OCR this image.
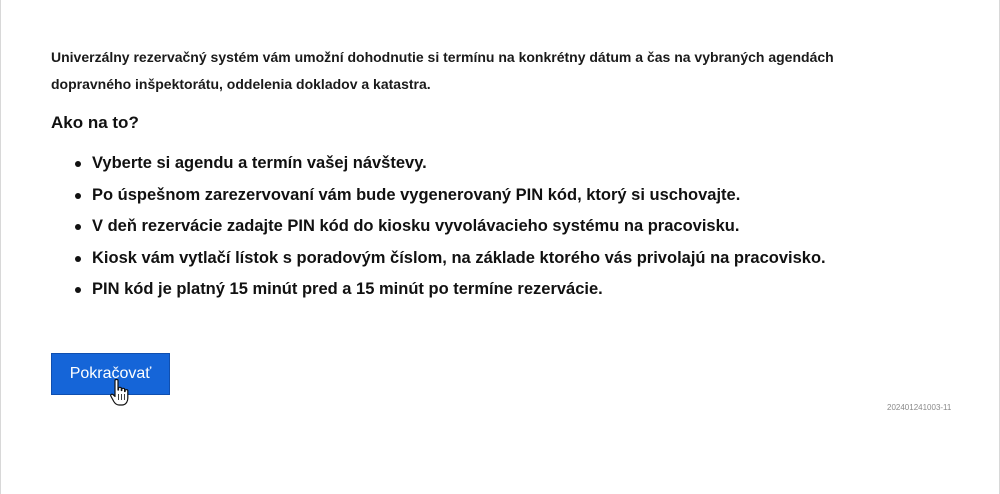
Univerzálny rezervačný systém vám umožní dohodnutie si termínu na konkrétny dátum a čas na vybraných agendách
dopravného inšpektorátu, oddelenia dokladov a katastra.

Ako na to?
Vyberte si agendu a termín vašej návštevy.
Po úspešnom zarezervovaní vám bude vygenerovaný PIN kód, ktorý si uschovajte.
V deň rezervácie zadajte PIN kód do kiosku vyvolávacieho systému na pracovisku.
Kiosk vám vytlačí lístok s poradovým číslom, na základe ktorého vás privolajú na pracovisko.
PIN kód je platný 15 minút pred a 15 minút po termíne rezervácie.
Pokračovať
202401241003-11
